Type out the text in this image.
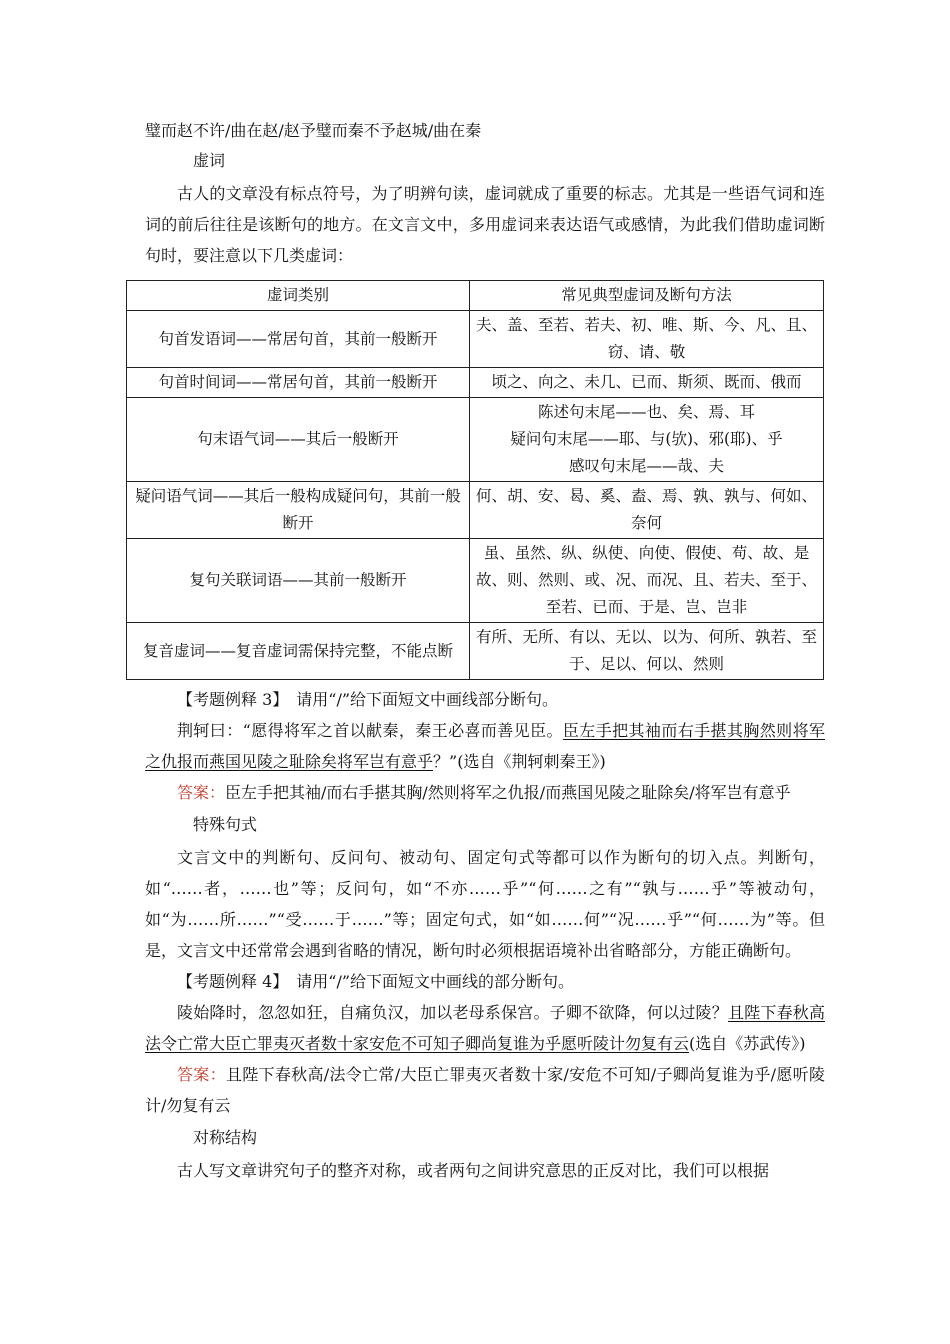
璧而赵不许/曲在赵/赵予璧而秦不予赵城/曲在秦
虚词

古人的文章没有标点符号，为了明辨句读，虚词就成了重要的标志。尤其是一些语气词和连词的前后往往是该断句的地方。在文言文中，多用虚词来表达语气或感情，为此我们借助虚词断句时，要注意以下几类虚词：

虚词类别	常见典型虚词及断句方法
句首发语词——常居句首，其前一般断开	夫、盖、至若、若夫、初、唯、斯、今、凡、且、窃、请、敬
句首时间词——常居句首，其前一般断开	顷之、向之、未几、已而、斯须、既而、俄而
句末语气词——其后一般断开	陈述句末尾——也、矣、焉、耳
疑问句末尾——耶、与(欤)、邪(耶)、乎
感叹句末尾——哉、夫

疑问语气词——其后一般构成疑问句，其前一般断开	何、胡、安、曷、奚、盍、焉、孰、孰与、何如、奈何
复句关联词语——其前一般断开	虽、虽然、纵、纵使、向使、假使、苟、故、是故、则、然则、或、况、而况、且、若夫、至于、至若、已而、于是、岂、岂非
复音虚词——复音虚词需保持完整，不能点断	有所、无所、有以、无以、以为、何所、孰若、至于、足以、何以、然则

【考题例释 3】　请用“/”给下面短文中画线部分断句。

荆轲曰：“愿得将军之首以献秦，秦王必喜而善见臣。臣左手把其袖而右手揕其胸然则将军之仇报而燕国见陵之耻除矣将军岂有意乎？”(选自《荆轲刺秦王》)

答案：臣左手把其袖/而右手揕其胸/然则将军之仇报/而燕国见陵之耻除矣/将军岂有意乎

特殊句式

文言文中的判断句、反问句、被动句、固定句式等都可以作为断句的切入点。判断句，如“……者，……也”等；反问句，如“不亦……乎”“何……之有”“孰与……乎”等被动句，如“为……所……”“受……于……”等；固定句式，如“如……何”“况……乎”“何……为”等。但是，文言文中还常常会遇到省略的情况，断句时必须根据语境补出省略部分，方能正确断句。

【考题例释 4】　请用“/”给下面短文中画线的部分断句。

陵始降时，忽忽如狂，自痛负汉，加以老母系保宫。子卿不欲降，何以过陵？且陛下春秋高法令亡常大臣亡罪夷灭者数十家安危不可知子卿尚复谁为乎愿听陵计勿复有云(选自《苏武传》)

答案：且陛下春秋高/法令亡常/大臣亡罪夷灭者数十家/安危不可知/子卿尚复谁为乎/愿听陵计/勿复有云

对称结构

古人写文章讲究句子的整齐对称，或者两句之间讲究意思的正反对比，我们可以根据
